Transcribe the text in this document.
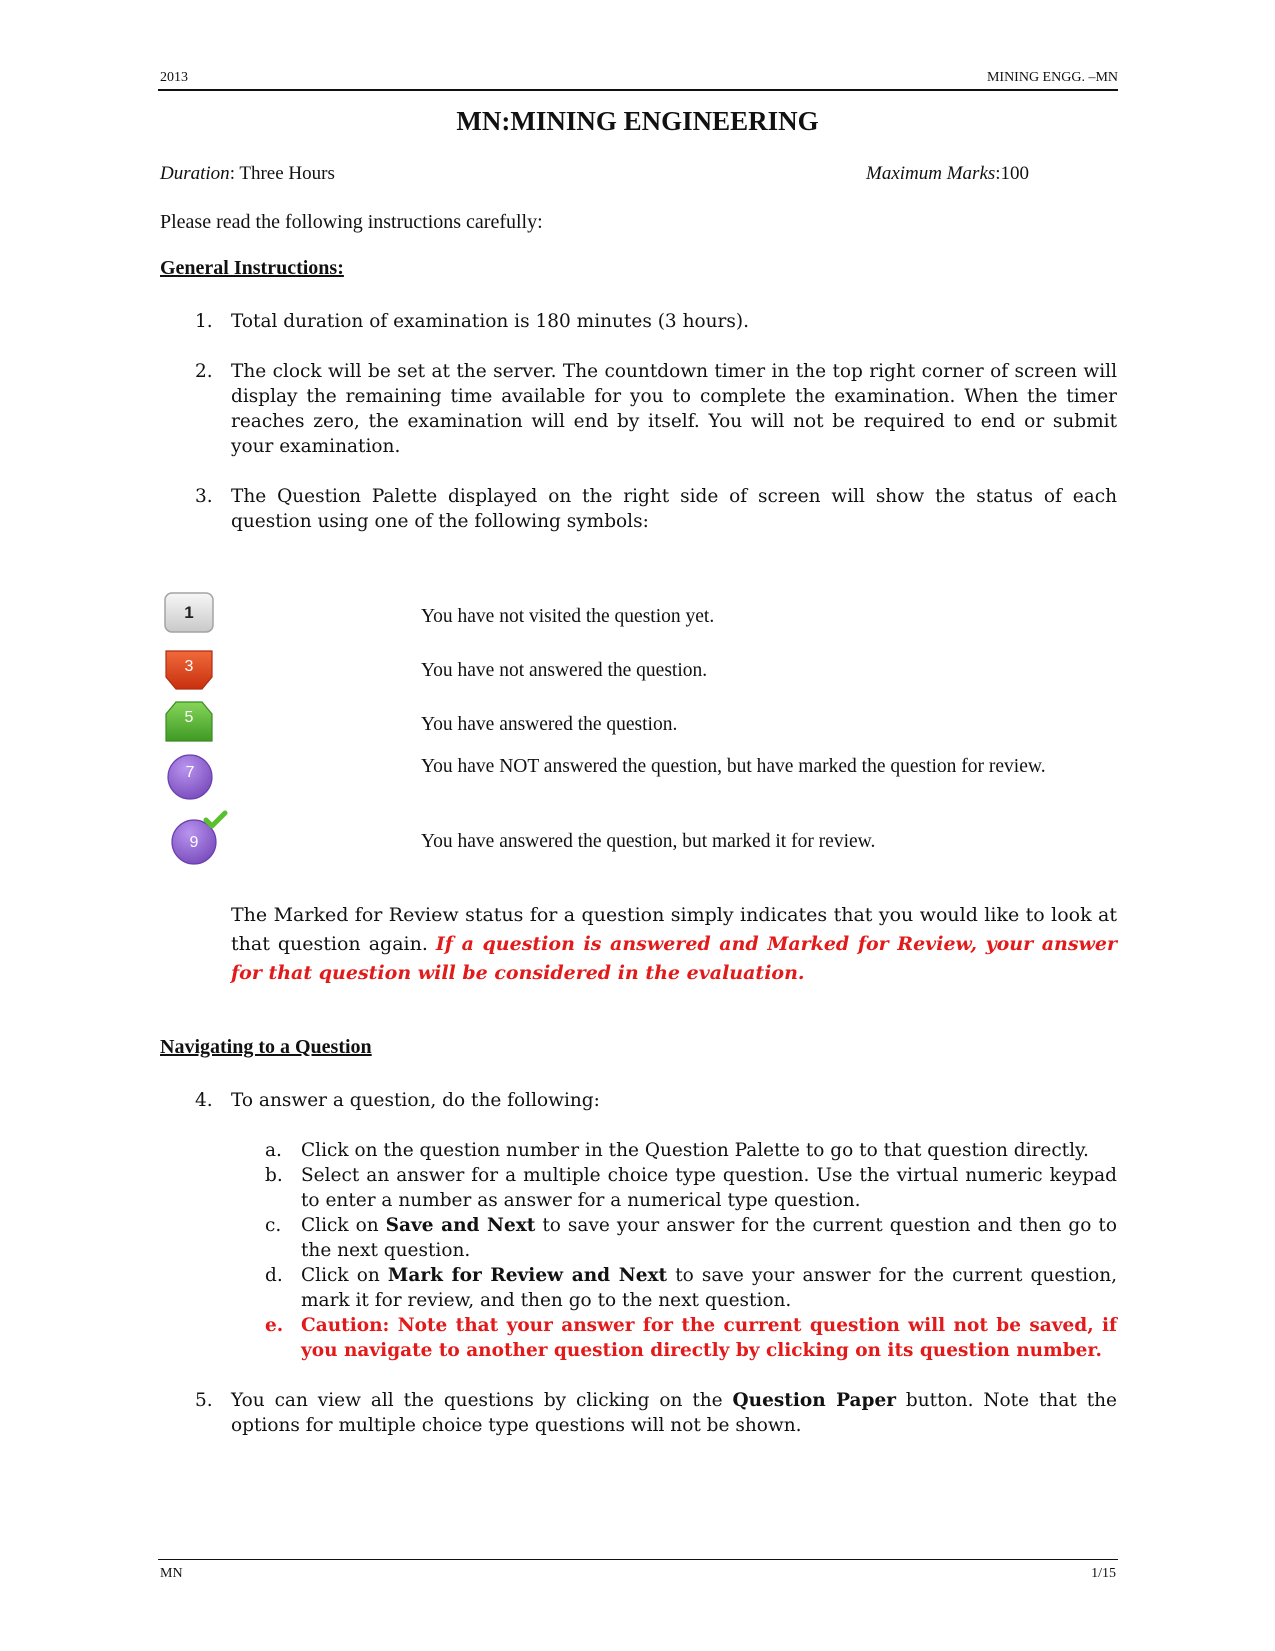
2013	MINING ENGG. –MN
MN:MINING ENGINEERING
Duration: Three Hours	Maximum Marks:100
Please read the following instructions carefully:
General Instructions:
1. Total duration of examination is 180 minutes (3 hours).
2. The clock will be set at the server. The countdown timer in the top right corner of screen will display the remaining time available for you to complete the examination. When the timer reaches zero, the examination will end by itself. You will not be required to end or submit your examination.
3. The Question Palette displayed on the right side of screen will show the status of each question using one of the following symbols:
1	You have not visited the question yet.
3	You have not answered the question.
5	You have answered the question.
7	You have NOT answered the question, but have marked the question for review.
9	You have answered the question, but marked it for review.
The Marked for Review status for a question simply indicates that you would like to look at that question again. If a question is answered and Marked for Review, your answer for that question will be considered in the evaluation.
Navigating to a Question
4. To answer a question, do the following:
a.	Click on the question number in the Question Palette to go to that question directly.
b. Select an answer for a multiple choice type question. Use the virtual numeric keypad to enter a number as answer for a numerical type question.
c.	Click on Save and Next to save your answer for the current question and then go to the next question.
d. Click on Mark for Review and Next to save your answer for the current question, mark it for review, and then go to the next question.
e. Caution: Note that your answer for the current question will not be saved, if you navigate to another question directly by clicking on its question number.
5. You can view all the questions by clicking on the Question Paper button. Note that the options for multiple choice type questions will not be shown.
MN	1/15
